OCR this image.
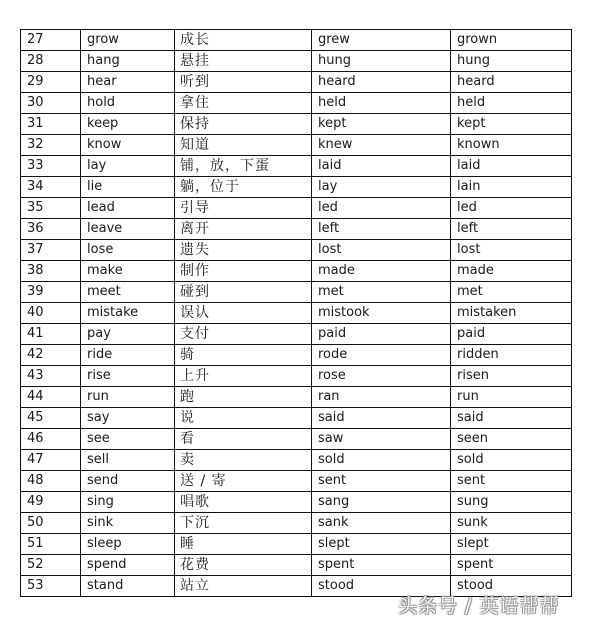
27	grow	成长	grew	grown
28	hang	悬挂	hung	hung
29	hear	听到	heard	heard
30	hold	拿住	held	held
31	keep	保持	kept	kept
32	know	知道	knew	known
33	lay	铺，放，下蛋	laid	laid
34	lie	躺，位于	lay	lain
35	lead	引导	led	led
36	leave	离开	left	left
37	lose	遗失	lost	lost
38	make	制作	made	made
39	meet	碰到	met	met
40	mistake	误认	mistook	mistaken
41	pay	支付	paid	paid
42	ride	骑	rode	ridden
43	rise	上升	rose	risen
44	run	跑	ran	run
45	say	说	said	said
46	see	看	saw	seen
47	sell	卖	sold	sold
48	send	送 / 寄	sent	sent
49	sing	唱歌	sang	sung
50	sink	下沉	sank	sunk
51	sleep	睡	slept	slept
52	spend	花费	spent	spent
53	stand	站立	stood	stood
头条号 / 英语帮帮
